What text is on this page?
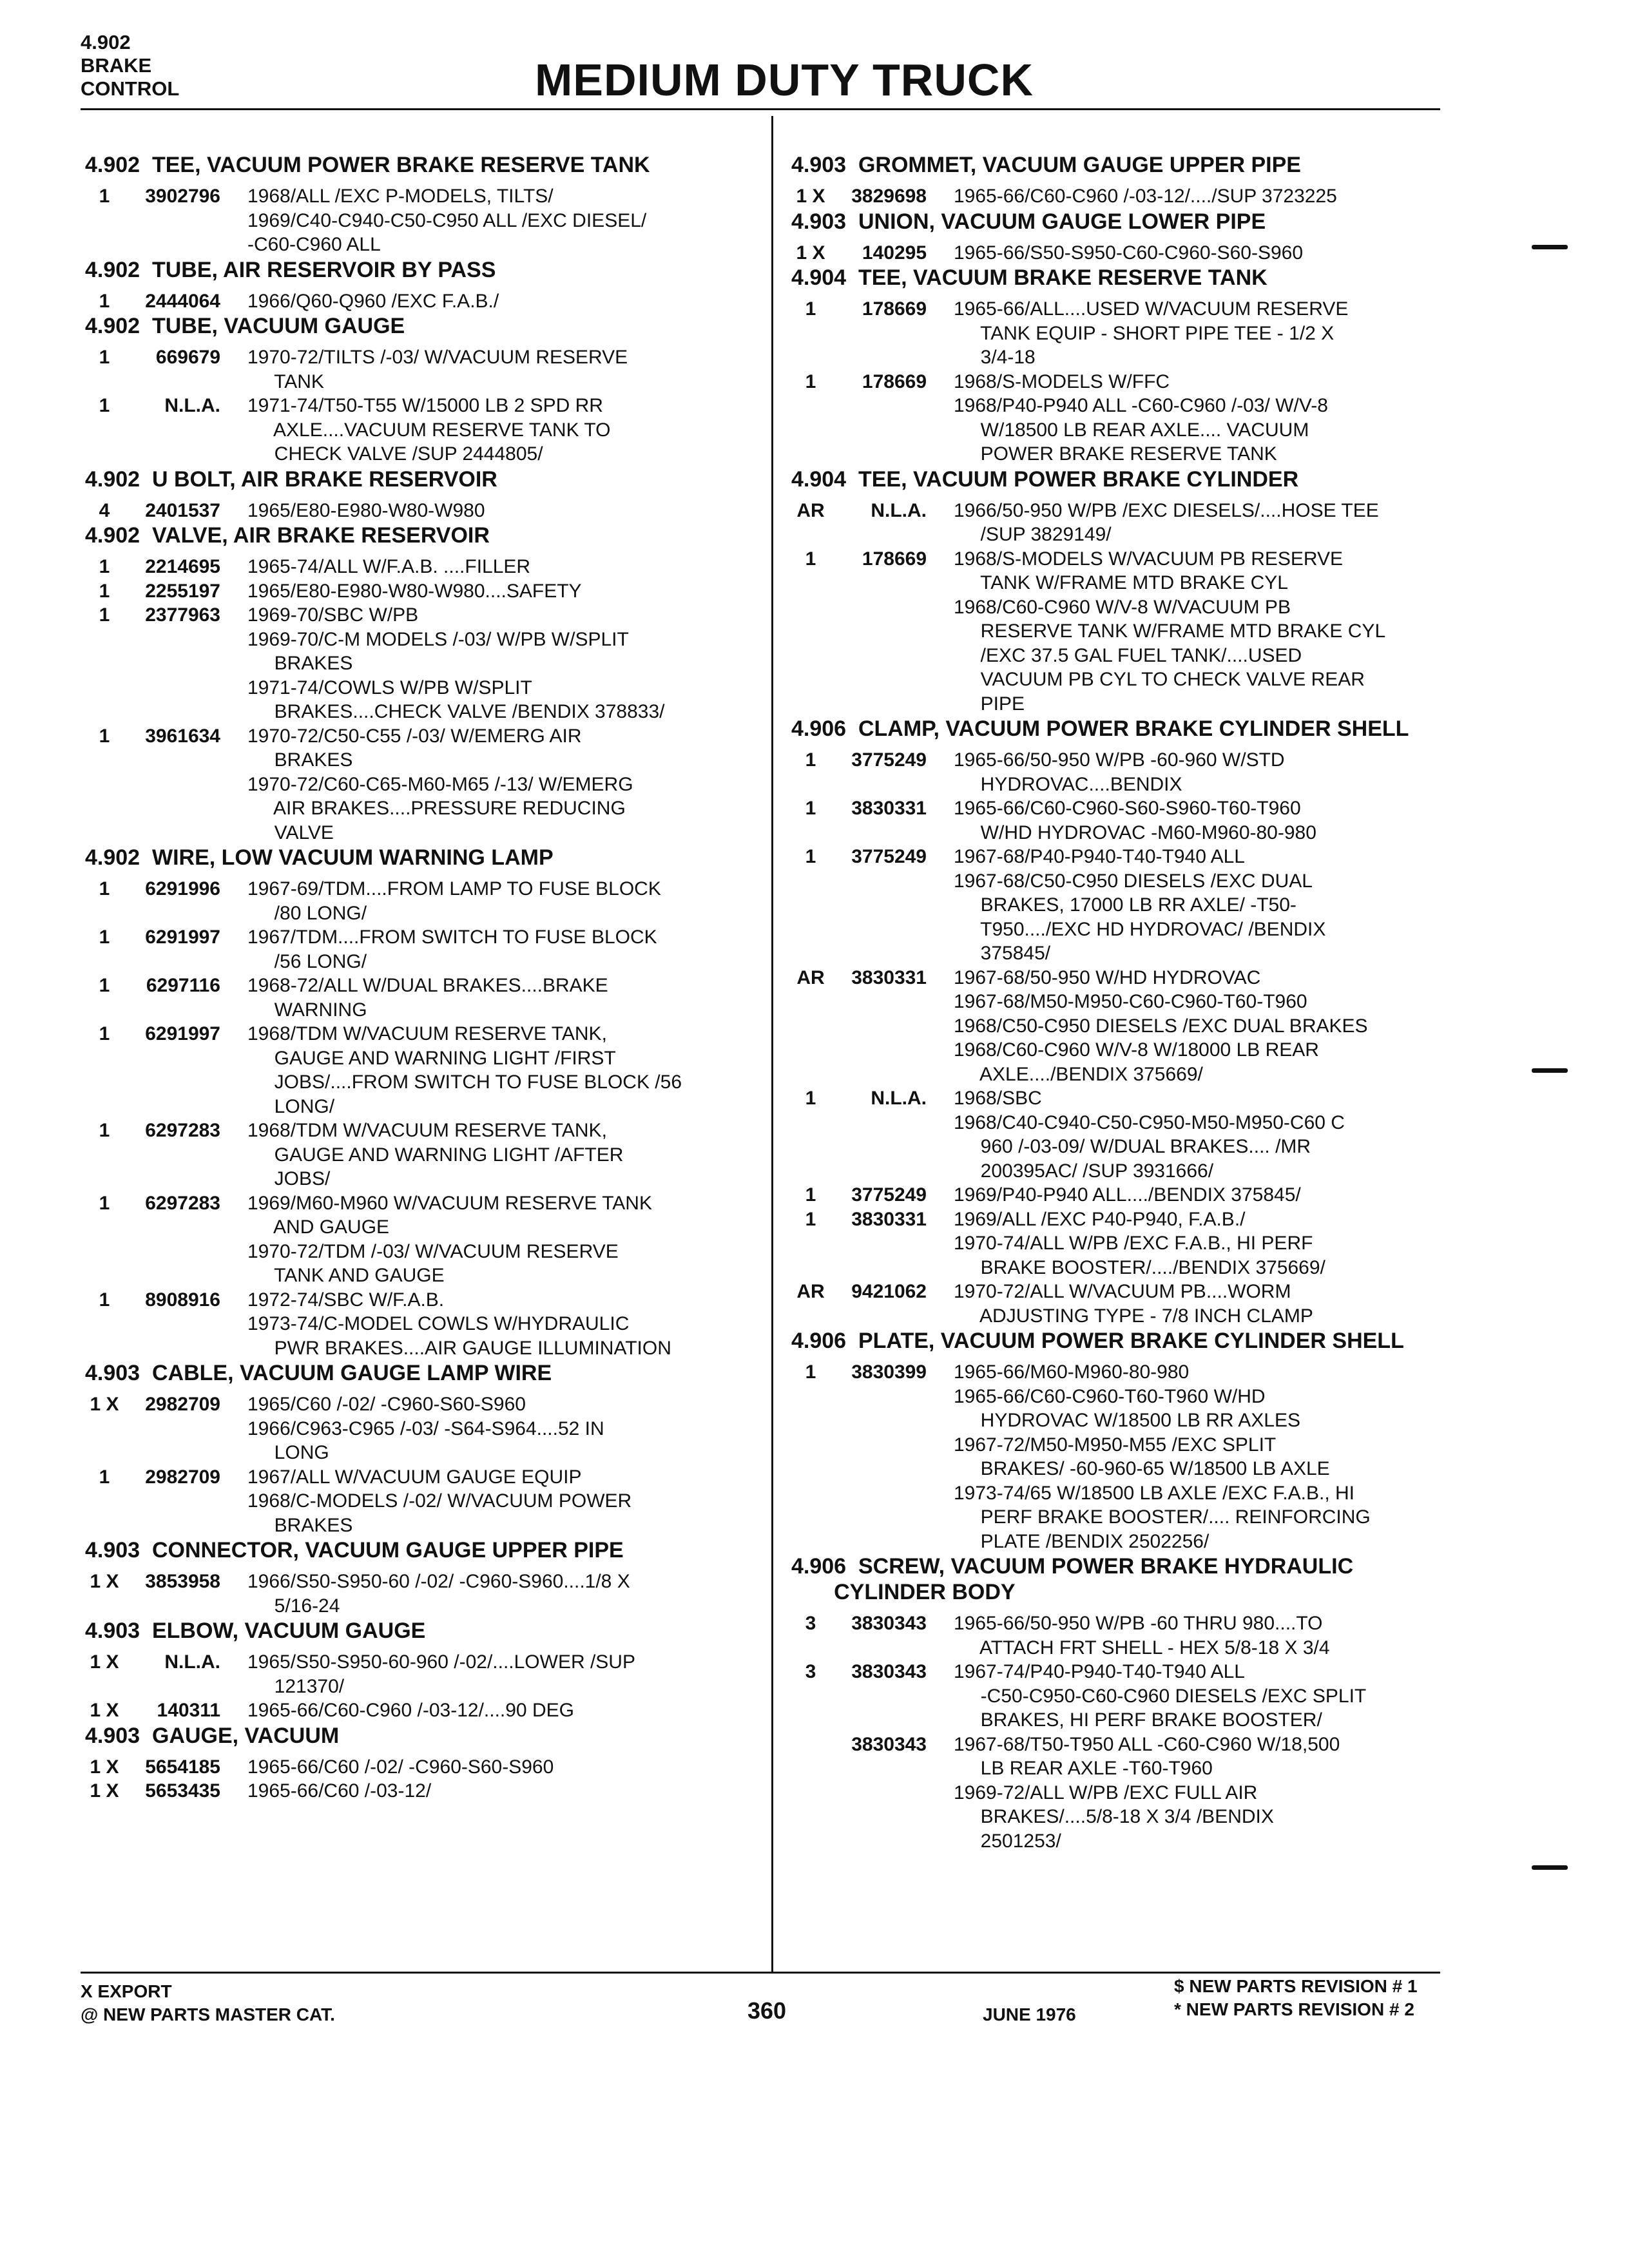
4.902
BRAKE
CONTROL	MEDIUM DUTY TRUCK
4.902  TEE, VACUUM POWER BRAKE RESERVE TANK
1	3902796	1968/ALL /EXC P-MODELS, TILTS/
1969/C40-C940-C50-C950 ALL /EXC DIESEL/
-C60-C960 ALL
4.902  TUBE, AIR RESERVOIR BY PASS
1	2444064	1966/Q60-Q960 /EXC F.A.B./
4.902  TUBE, VACUUM GAUGE
1	669679	1970-72/TILTS /-03/ W/VACUUM RESERVE
TANK
1	N.L.A.	1971-74/T50-T55 W/15000 LB 2 SPD RR
AXLE....VACUUM RESERVE TANK TO
CHECK VALVE /SUP 2444805/
4.902  U BOLT, AIR BRAKE RESERVOIR
4	2401537	1965/E80-E980-W80-W980
4.902  VALVE, AIR BRAKE RESERVOIR
1	2214695	1965-74/ALL W/F.A.B. ....FILLER
1	2255197	1965/E80-E980-W80-W980....SAFETY
1	2377963	1969-70/SBC W/PB
1969-70/C-M MODELS /-03/ W/PB W/SPLIT
BRAKES
1971-74/COWLS W/PB W/SPLIT
BRAKES....CHECK VALVE /BENDIX 378833/
1	3961634	1970-72/C50-C55 /-03/ W/EMERG AIR
BRAKES
1970-72/C60-C65-M60-M65 /-13/ W/EMERG
AIR BRAKES....PRESSURE REDUCING
VALVE
4.902  WIRE, LOW VACUUM WARNING LAMP
1	6291996	1967-69/TDM....FROM LAMP TO FUSE BLOCK
/80 LONG/
1	6291997	1967/TDM....FROM SWITCH TO FUSE BLOCK
/56 LONG/
1	6297116	1968-72/ALL W/DUAL BRAKES....BRAKE
WARNING
1	6291997	1968/TDM W/VACUUM RESERVE TANK,
GAUGE AND WARNING LIGHT /FIRST
JOBS/....FROM SWITCH TO FUSE BLOCK /56
LONG/
1	6297283	1968/TDM W/VACUUM RESERVE TANK,
GAUGE AND WARNING LIGHT /AFTER
JOBS/
1	6297283	1969/M60-M960 W/VACUUM RESERVE TANK
AND GAUGE
1970-72/TDM /-03/ W/VACUUM RESERVE
TANK AND GAUGE
1	8908916	1972-74/SBC W/F.A.B.
1973-74/C-MODEL COWLS W/HYDRAULIC
PWR BRAKES....AIR GAUGE ILLUMINATION
4.903  CABLE, VACUUM GAUGE LAMP WIRE
1 X	2982709	1965/C60 /-02/ -C960-S60-S960
1966/C963-C965 /-03/ -S64-S964....52 IN
LONG
1	2982709	1967/ALL W/VACUUM GAUGE EQUIP
1968/C-MODELS /-02/ W/VACUUM POWER
BRAKES
4.903  CONNECTOR, VACUUM GAUGE UPPER PIPE
1 X	3853958	1966/S50-S950-60 /-02/ -C960-S960....1/8 X
5/16-24
4.903  ELBOW, VACUUM GAUGE
1 X	N.L.A.	1965/S50-S950-60-960 /-02/....LOWER /SUP
121370/
1 X	140311	1965-66/C60-C960 /-03-12/....90 DEG
4.903  GAUGE, VACUUM
1 X	5654185	1965-66/C60 /-02/ -C960-S60-S960
1 X	5653435	1965-66/C60 /-03-12/
4.903  GROMMET, VACUUM GAUGE UPPER PIPE
1 X	3829698	1965-66/C60-C960 /-03-12/..../SUP 3723225
4.903  UNION, VACUUM GAUGE LOWER PIPE
1 X	140295	1965-66/S50-S950-C60-C960-S60-S960
4.904  TEE, VACUUM BRAKE RESERVE TANK
1	178669	1965-66/ALL....USED W/VACUUM RESERVE
TANK EQUIP - SHORT PIPE TEE - 1/2 X
3/4-18
1	178669	1968/S-MODELS W/FFC
1968/P40-P940 ALL -C60-C960 /-03/ W/V-8
W/18500 LB REAR AXLE.... VACUUM
POWER BRAKE RESERVE TANK
4.904  TEE, VACUUM POWER BRAKE CYLINDER
AR	N.L.A.	1966/50-950 W/PB /EXC DIESELS/....HOSE TEE
/SUP 3829149/
1	178669	1968/S-MODELS W/VACUUM PB RESERVE
TANK W/FRAME MTD BRAKE CYL
1968/C60-C960 W/V-8 W/VACUUM PB
RESERVE TANK W/FRAME MTD BRAKE CYL
/EXC 37.5 GAL FUEL TANK/....USED
VACUUM PB CYL TO CHECK VALVE REAR
PIPE
4.906  CLAMP, VACUUM POWER BRAKE CYLINDER SHELL
1	3775249	1965-66/50-950 W/PB -60-960 W/STD
HYDROVAC....BENDIX
1	3830331	1965-66/C60-C960-S60-S960-T60-T960
W/HD HYDROVAC -M60-M960-80-980
1	3775249	1967-68/P40-P940-T40-T940 ALL
1967-68/C50-C950 DIESELS /EXC DUAL
BRAKES, 17000 LB RR AXLE/ -T50-
T950..../EXC HD HYDROVAC/ /BENDIX
375845/
AR	3830331	1967-68/50-950 W/HD HYDROVAC
1967-68/M50-M950-C60-C960-T60-T960
1968/C50-C950 DIESELS /EXC DUAL BRAKES
1968/C60-C960 W/V-8 W/18000 LB REAR
AXLE..../BENDIX 375669/
1	N.L.A.	1968/SBC
1968/C40-C940-C50-C950-M50-M950-C60 C
960 /-03-09/ W/DUAL BRAKES.... /MR
200395AC/ /SUP 3931666/
1	3775249	1969/P40-P940 ALL..../BENDIX 375845/
1	3830331	1969/ALL /EXC P40-P940, F.A.B./
1970-74/ALL W/PB /EXC F.A.B., HI PERF
BRAKE BOOSTER/..../BENDIX 375669/
AR	9421062	1970-72/ALL W/VACUUM PB....WORM
ADJUSTING TYPE - 7/8 INCH CLAMP
4.906  PLATE, VACUUM POWER BRAKE CYLINDER SHELL
1	3830399	1965-66/M60-M960-80-980
1965-66/C60-C960-T60-T960 W/HD
HYDROVAC W/18500 LB RR AXLES
1967-72/M50-M950-M55 /EXC SPLIT
BRAKES/ -60-960-65 W/18500 LB AXLE
1973-74/65 W/18500 LB AXLE /EXC F.A.B., HI
PERF BRAKE BOOSTER/.... REINFORCING
PLATE /BENDIX 2502256/
4.906  SCREW, VACUUM POWER BRAKE HYDRAULIC
CYLINDER BODY
3	3830343	1965-66/50-950 W/PB -60 THRU 980....TO
ATTACH FRT SHELL - HEX 5/8-18 X 3/4
3	3830343	1967-74/P40-P940-T40-T940 ALL
-C50-C950-C60-C960 DIESELS /EXC SPLIT
BRAKES, HI PERF BRAKE BOOSTER/
3830343	1967-68/T50-T950 ALL -C60-C960 W/18,500
LB REAR AXLE -T60-T960
1969-72/ALL W/PB /EXC FULL AIR
BRAKES/....5/8-18 X 3/4 /BENDIX
2501253/
X EXPORT
@ NEW PARTS MASTER CAT.	360	JUNE 1976
$ NEW PARTS REVISION # 1
* NEW PARTS REVISION # 2
